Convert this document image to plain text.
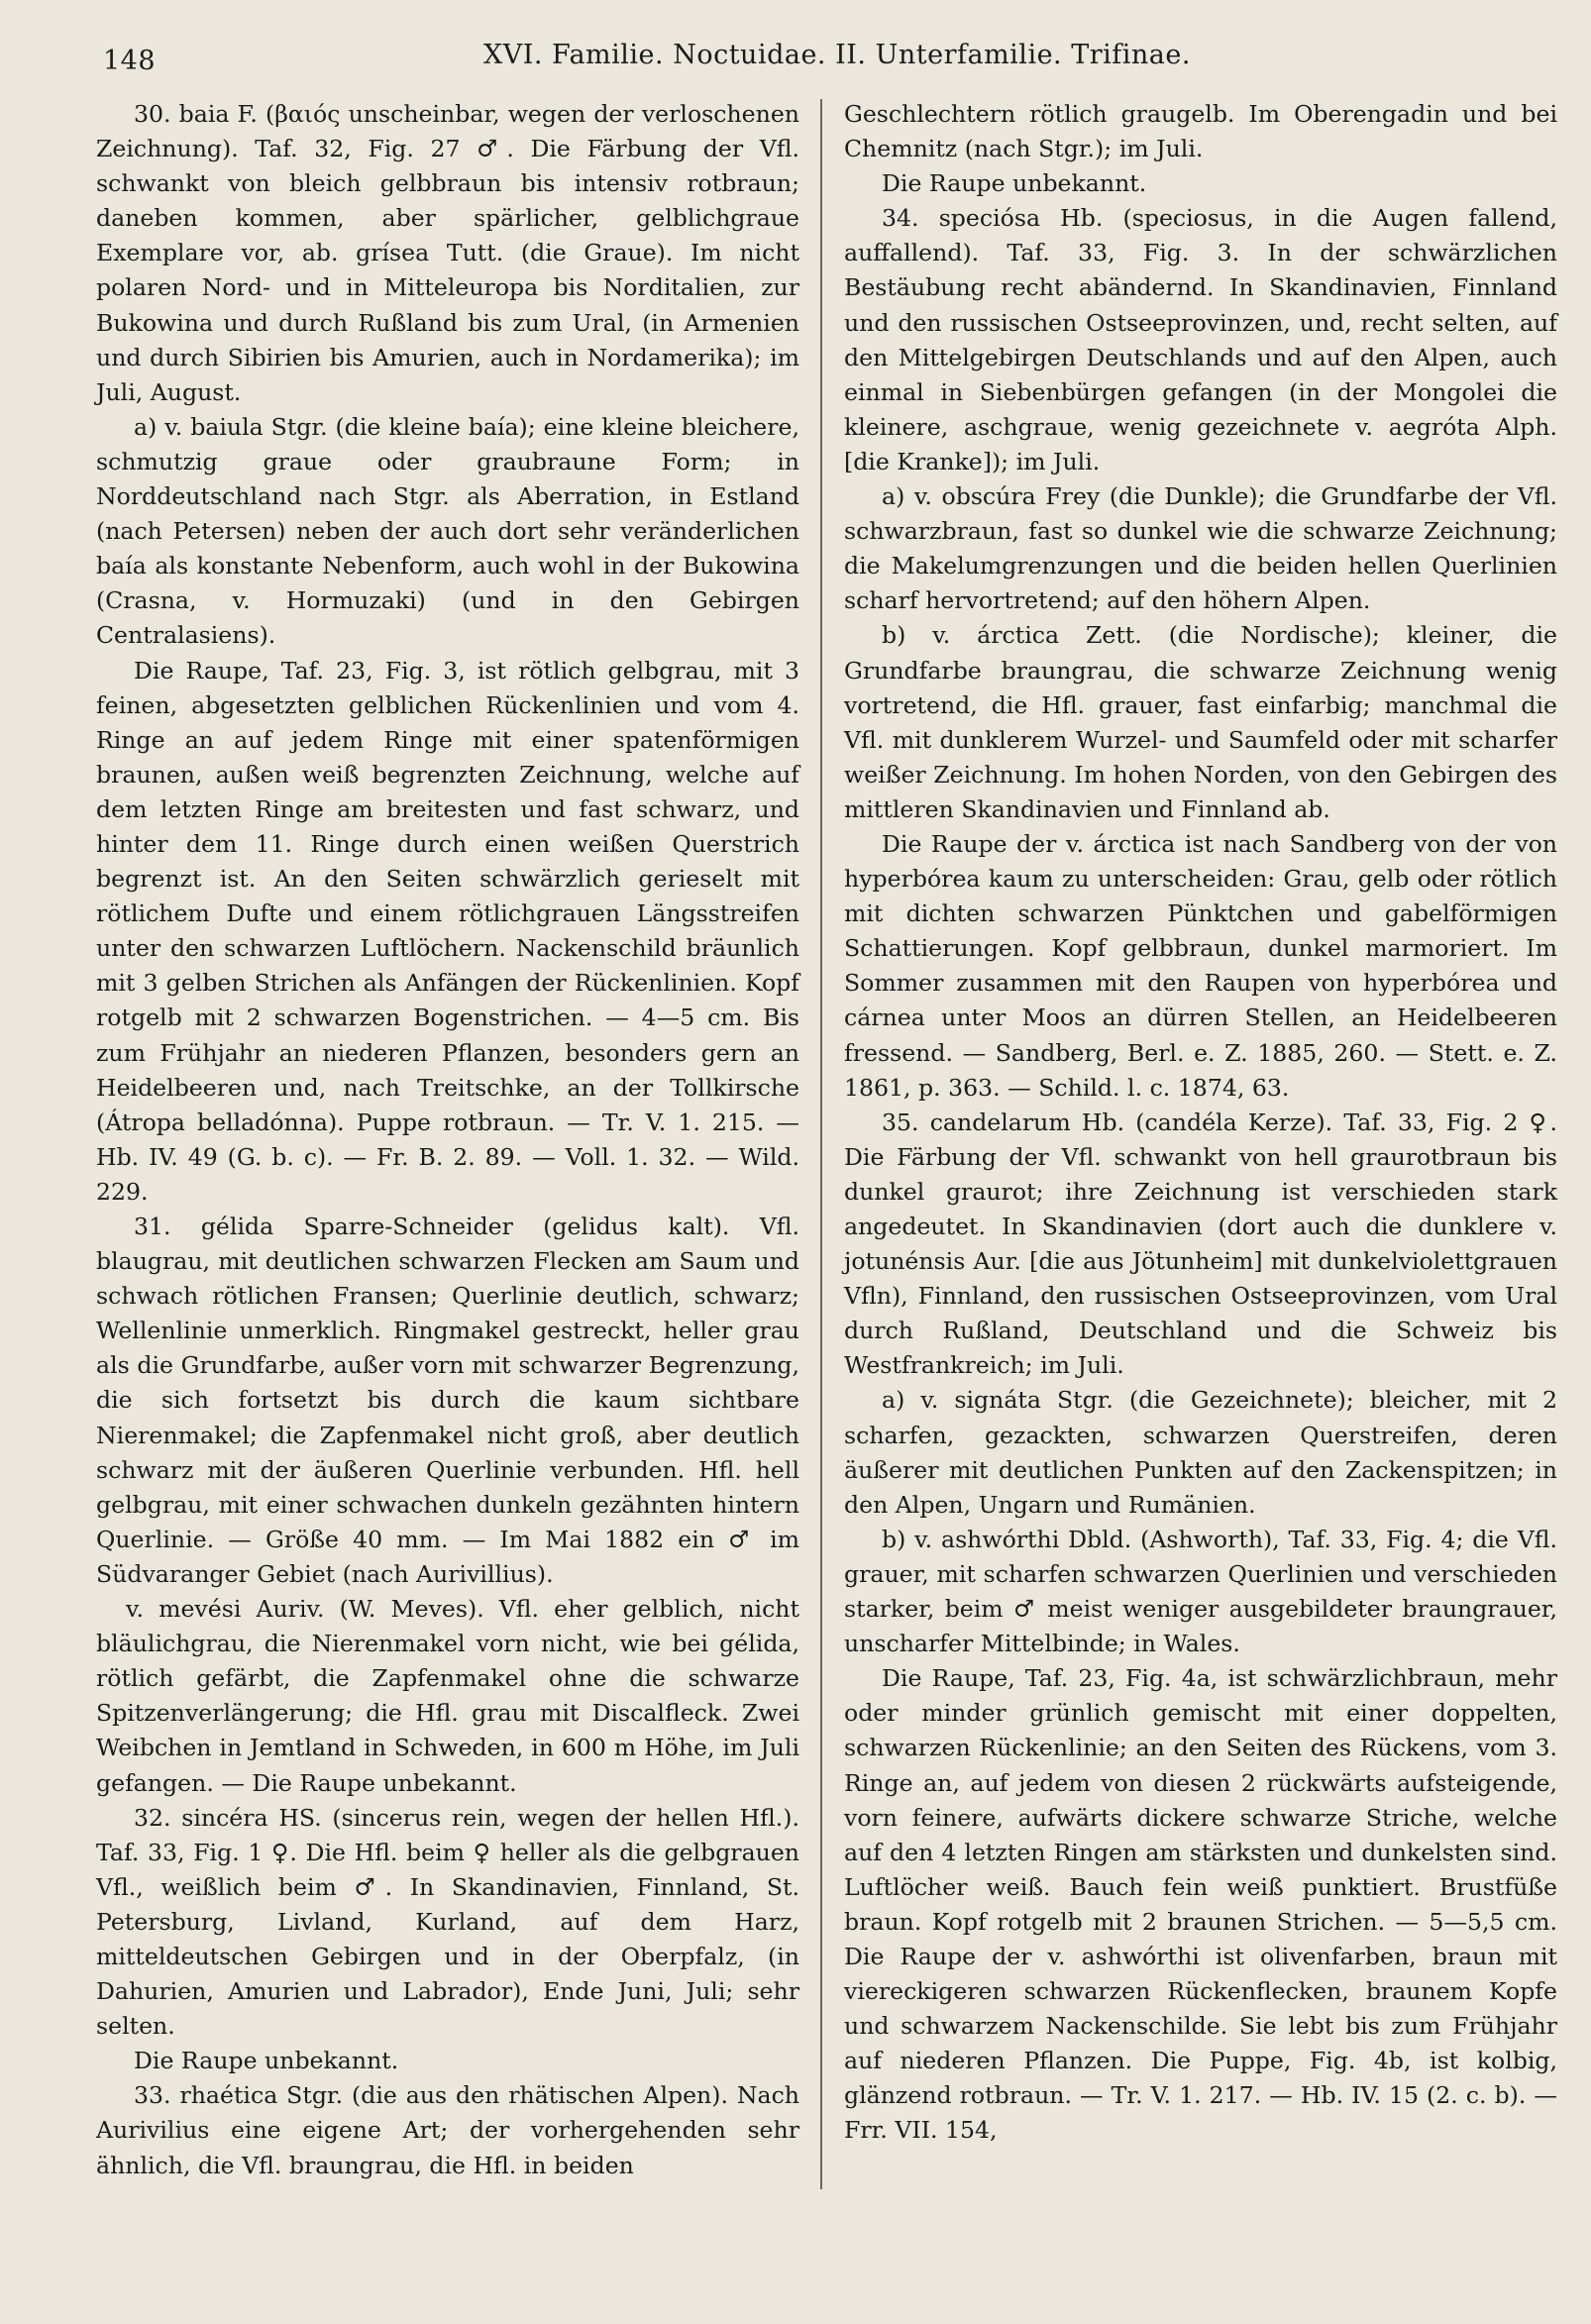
148	XVI. Familie. Noctuidae. II. Unterfamilie. Trifinae.

30. baia F. (βαιός unscheinbar, wegen der verloschenen Zeichnung). Taf. 32, Fig. 27 ♂. Die Färbung der Vfl. schwankt von bleich gelbbraun bis intensiv rotbraun; daneben kommen, aber spärlicher, gelblichgraue Exemplare vor, ab. grísea Tutt. (die Graue). Im nicht polaren Nord- und in Mitteleuropa bis Norditalien, zur Bukowina und durch Rußland bis zum Ural, (in Armenien und durch Sibirien bis Amurien, auch in Nordamerika); im Juli, August.

a) v. baiula Stgr. (die kleine baía); eine kleine bleichere, schmutzig graue oder graubraune Form; in Norddeutschland nach Stgr. als Aberration, in Estland (nach Petersen) neben der auch dort sehr veränderlichen baía als konstante Nebenform, auch wohl in der Bukowina (Crasna, v. Hormuzaki) (und in den Gebirgen Centralasiens).

Die Raupe, Taf. 23, Fig. 3, ist rötlich gelbgrau, mit 3 feinen, abgesetzten gelblichen Rückenlinien und vom 4. Ringe an auf jedem Ringe mit einer spatenförmigen braunen, außen weiß begrenzten Zeichnung, welche auf dem letzten Ringe am breitesten und fast schwarz, und hinter dem 11. Ringe durch einen weißen Querstrich begrenzt ist. An den Seiten schwärzlich gerieselt mit rötlichem Dufte und einem rötlichgrauen Längsstreifen unter den schwarzen Luftlöchern. Nackenschild bräunlich mit 3 gelben Strichen als Anfängen der Rückenlinien. Kopf rotgelb mit 2 schwarzen Bogenstrichen. — 4—5 cm. Bis zum Frühjahr an niederen Pflanzen, besonders gern an Heidelbeeren und, nach Treitschke, an der Tollkirsche (Átropa belladónna). Puppe rotbraun. — Tr. V. 1. 215. — Hb. IV. 49 (G. b. c). — Fr. B. 2. 89. — Voll. 1. 32. — Wild. 229.

31. gélida Sparre-Schneider (gelidus kalt). Vfl. blaugrau, mit deutlichen schwarzen Flecken am Saum und schwach rötlichen Fransen; Querlinie deutlich, schwarz; Wellenlinie unmerklich. Ringmakel gestreckt, heller grau als die Grundfarbe, außer vorn mit schwarzer Begrenzung, die sich fortsetzt bis durch die kaum sichtbare Nierenmakel; die Zapfenmakel nicht groß, aber deutlich schwarz mit der äußeren Querlinie verbunden. Hfl. hell gelbgrau, mit einer schwachen dunkeln gezähnten hintern Querlinie. — Größe 40 mm. — Im Mai 1882 ein ♂ im Südvaranger Gebiet (nach Aurivillius).

v. mevési Auriv. (W. Meves). Vfl. eher gelblich, nicht bläulichgrau, die Nierenmakel vorn nicht, wie bei gélida, rötlich gefärbt, die Zapfenmakel ohne die schwarze Spitzenverlängerung; die Hfl. grau mit Discalfleck. Zwei Weibchen in Jemtland in Schweden, in 600 m Höhe, im Juli gefangen. — Die Raupe unbekannt.

32. sincéra HS. (sincerus rein, wegen der hellen Hfl.). Taf. 33, Fig. 1 ♀. Die Hfl. beim ♀ heller als die gelbgrauen Vfl., weißlich beim ♂. In Skandinavien, Finnland, St. Petersburg, Livland, Kurland, auf dem Harz, mitteldeutschen Gebirgen und in der Oberpfalz, (in Dahurien, Amurien und Labrador), Ende Juni, Juli; sehr selten.

Die Raupe unbekannt.

33. rhaética Stgr. (die aus den rhätischen Alpen). Nach Aurivilius eine eigene Art; der vorhergehenden sehr ähnlich, die Vfl. braungrau, die Hfl. in beiden

Geschlechtern rötlich graugelb. Im Oberengadin und bei Chemnitz (nach Stgr.); im Juli.

Die Raupe unbekannt.

34. speciósa Hb. (speciosus, in die Augen fallend, auffallend). Taf. 33, Fig. 3. In der schwärzlichen Bestäubung recht abändernd. In Skandinavien, Finnland und den russischen Ostseeprovinzen, und, recht selten, auf den Mittelgebirgen Deutschlands und auf den Alpen, auch einmal in Siebenbürgen gefangen (in der Mongolei die kleinere, aschgraue, wenig gezeichnete v. aegróta Alph. [die Kranke]); im Juli.

a) v. obscúra Frey (die Dunkle); die Grundfarbe der Vfl. schwarzbraun, fast so dunkel wie die schwarze Zeichnung; die Makelumgrenzungen und die beiden hellen Querlinien scharf hervortretend; auf den höhern Alpen.

b) v. árctica Zett. (die Nordische); kleiner, die Grundfarbe braungrau, die schwarze Zeichnung wenig vortretend, die Hfl. grauer, fast einfarbig; manchmal die Vfl. mit dunklerem Wurzel- und Saumfeld oder mit scharfer weißer Zeichnung. Im hohen Norden, von den Gebirgen des mittleren Skandinavien und Finnland ab.

Die Raupe der v. árctica ist nach Sandberg von der von hyperbórea kaum zu unterscheiden: Grau, gelb oder rötlich mit dichten schwarzen Pünktchen und gabelförmigen Schattierungen. Kopf gelbbraun, dunkel marmoriert. Im Sommer zusammen mit den Raupen von hyperbórea und cárnea unter Moos an dürren Stellen, an Heidelbeeren fressend. — Sandberg, Berl. e. Z. 1885, 260. — Stett. e. Z. 1861, p. 363. — Schild. l. c. 1874, 63.

35. candelarum Hb. (candéla Kerze). Taf. 33, Fig. 2 ♀. Die Färbung der Vfl. schwankt von hell graurotbraun bis dunkel graurot; ihre Zeichnung ist verschieden stark angedeutet. In Skandinavien (dort auch die dunklere v. jotunénsis Aur. [die aus Jötunheim] mit dunkelviolettgrauen Vfln), Finnland, den russischen Ostseeprovinzen, vom Ural durch Rußland, Deutschland und die Schweiz bis Westfrankreich; im Juli.

a) v. signáta Stgr. (die Gezeichnete); bleicher, mit 2 scharfen, gezackten, schwarzen Querstreifen, deren äußerer mit deutlichen Punkten auf den Zackenspitzen; in den Alpen, Ungarn und Rumänien.

b) v. ashwórthi Dbld. (Ashworth), Taf. 33, Fig. 4; die Vfl. grauer, mit scharfen schwarzen Querlinien und verschieden starker, beim ♂ meist weniger ausgebildeter braungrauer, unscharfer Mittelbinde; in Wales.

Die Raupe, Taf. 23, Fig. 4a, ist schwärzlichbraun, mehr oder minder grünlich gemischt mit einer doppelten, schwarzen Rückenlinie; an den Seiten des Rückens, vom 3. Ringe an, auf jedem von diesen 2 rückwärts aufsteigende, vorn feinere, aufwärts dickere schwarze Striche, welche auf den 4 letzten Ringen am stärksten und dunkelsten sind. Luftlöcher weiß. Bauch fein weiß punktiert. Brustfüße braun. Kopf rotgelb mit 2 braunen Strichen. — 5—5,5 cm. Die Raupe der v. ashwórthi ist olivenfarben, braun mit viereckigeren schwarzen Rückenflecken, braunem Kopfe und schwarzem Nackenschilde. Sie lebt bis zum Frühjahr auf niederen Pflanzen. Die Puppe, Fig. 4b, ist kolbig, glänzend rotbraun. — Tr. V. 1. 217. — Hb. IV. 15 (2. c. b). — Frr. VII. 154,
